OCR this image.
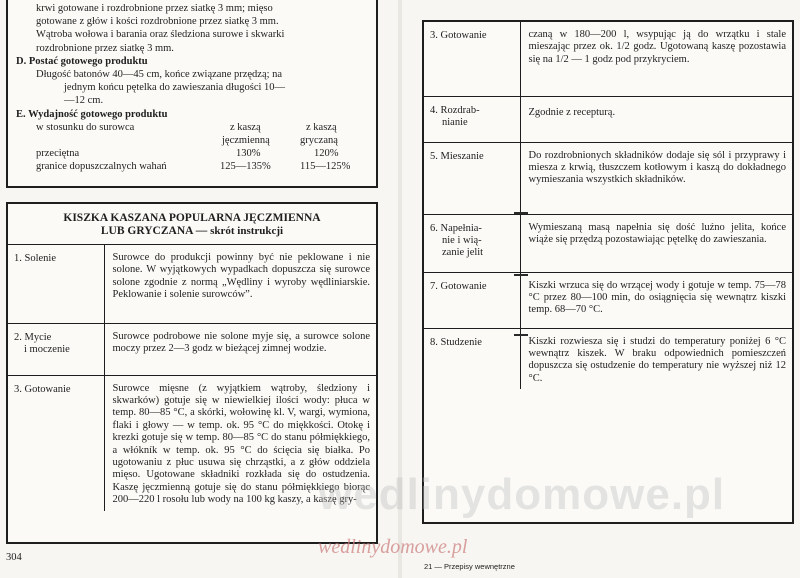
krwi gotowane i rozdrobnione przez siatkę 3 mm; mięso
gotowane z głów i kości rozdrobnione przez siatkę 3 mm.
Wątroba wołowa i barania oraz śledziona surowe i skwarki
rozdrobnione przez siatkę 3 mm.
D. Postać gotowego produktu
Długość batonów 40—45 cm, końce związane przędzą; na
jednym końcu pętelka do zawieszania długości 10—
—12 cm.
E. Wydajność gotowego produktu
w stosunku do surowca	z kaszą	z kaszą
jęczmienną	gryczaną
przeciętna	130%	120%
granice dopuszczalnych wahań	125—135%	115—125%
KISZKA KASZANA POPULARNA JĘCZMIENNA
LUB GRYCZANA — skrót instrukcji
1. Solenie	Surowce do produkcji powinny być nie peklowane i nie solone. W wyjątkowych wypadkach dopuszcza się surowce solone zgodnie z normą „Wędliny i wyroby wędliniarskie. Peklowanie i solenie surowców”.

2. Mycie
i moczenie	Surowce podrobowe nie solone myje się, a surowce solone moczy przez 2—3 godz w bieżącej zimnej wodzie.

3. Gotowanie	Surowce mięsne (z wyjątkiem wątroby, śledziony i skwarków) gotuje się w niewielkiej ilości wody: płuca w temp. 80—85 °C, a skórki, wołowinę kl. V, wargi, wymiona, flaki i głowy — w temp. ok. 95 °C do miękkości. Otokę i krezki gotuje się w temp. 80—85 °C do stanu półmiękkiego, a włókník w temp. ok. 95 °C do ścięcia się białka. Po ugotowaniu z płuc usuwa się chrząstki, a z głów oddziela mięso. Ugotowane składniki rozkłada się do ostudzenia. Kaszę jęczmienną gotuje się do stanu półmiękkiego biorąc 200—220 l rosołu lub wody na 100 kg kaszy, a kaszę gry-
304
3. Gotowanie	czaną w 180—200 l, wsypując ją do wrzątku i stale mieszając przez ok. 1/2 godz. Ugotowaną kaszę pozostawia się na 1/2 — 1 godz pod przykryciem.

4. Rozdrab-
nianie	Zgodnie z recepturą.

5. Mieszanie	Do rozdrobnionych składników dodaje się sól i przyprawy i miesza z krwią, tłuszczem kotłowym i kaszą do dokładnego wymieszania wszystkich składników.

6. Napełnia-
nie i wią-
zanie jelit	Wymieszaną masą napełnia się dość luźno jelita, końce wiąże się przędzą pozostawiając pętelkę do zawieszania.

7. Gotowanie	Kiszki wrzuca się do wrzącej wody i gotuje w temp. 75—78 °C przez 80—100 min, do osiągnięcia się wewnątrz kiszki temp. 68—70 °C.

8. Studzenie	Kiszki rozwiesza się i studzi do temperatury poniżej 6 °C wewnątrz kiszek. W braku odpowiednich pomieszczeń dopuszcza się ostudzenie do temperatury nie wyższej niż 12 °C.
21 — Przepisy wewnętrzne
wedlinydomowe.pl
wedlinydomowe.pl
